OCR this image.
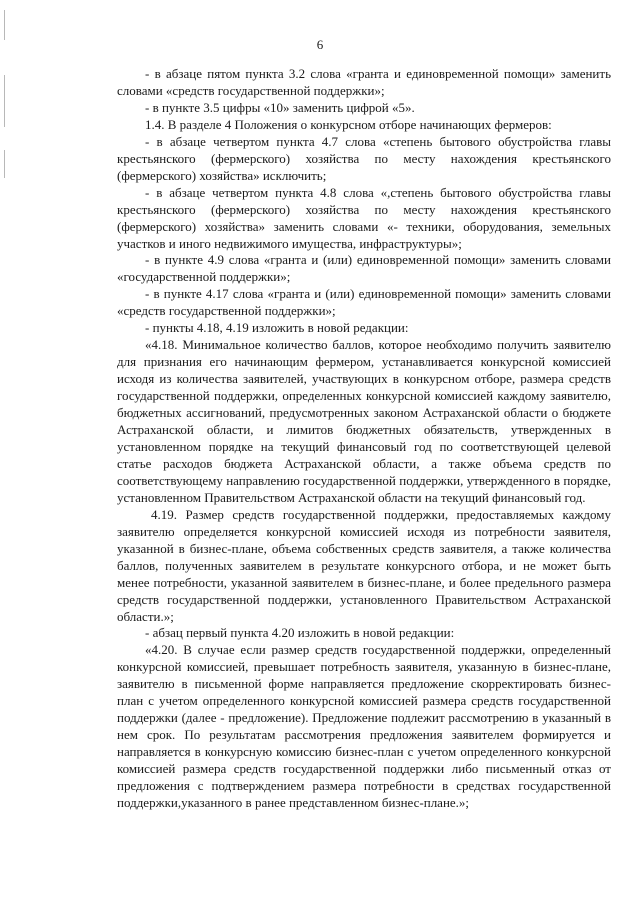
6

- в абзаце пятом пункта 3.2 слова «гранта и единовременной помощи» заменить словами «средств государственной поддержки»;

- в пункте 3.5 цифры «10» заменить цифрой «5».

1.4. В разделе 4 Положения о конкурсном отборе начинающих фермеров:

- в абзаце четвертом пункта 4.7 слова «степень бытового обустройства главы крестьянского (фермерского) хозяйства по месту нахождения крестьянского (фермерского) хозяйства» исключить;

- в абзаце четвертом пункта 4.8 слова «,степень бытового обустройства главы крестьянского (фермерского) хозяйства по месту нахождения крестьянского (фермерского) хозяйства» заменить словами «- техники, оборудования, земельных участков и иного недвижимого имущества, инфраструктуры»;

- в пункте 4.9 слова «гранта и (или) единовременной помощи» заменить словами «государственной поддержки»;

- в пункте 4.17 слова «гранта и (или) единовременной помощи» заменить словами «средств государственной поддержки»;

- пункты 4.18, 4.19 изложить в новой редакции:

«4.18. Минимальное количество баллов, которое необходимо получить заявителю для признания его начинающим фермером, устанавливается конкурсной комиссией исходя из количества заявителей, участвующих в конкурсном отборе, размера средств государственной поддержки, определенных конкурсной комиссией каждому заявителю, бюджетных ассигнований, предусмотренных законом Астраханской области о бюджете Астраханской области, и лимитов бюджетных обязательств, утвержденных в установленном порядке на текущий финансовый год по соответствующей целевой статье расходов бюджета Астраханской области, а также объема средств по соответствующему направлению государственной поддержки, утвержденного в порядке, установленном Правительством Астраханской области на текущий финансовый год.

4.19. Размер средств государственной поддержки, предоставляемых каждому заявителю определяется конкурсной комиссией исходя из потребности заявителя, указанной в бизнес-плане, объема собственных средств заявителя, а также количества баллов, полученных заявителем в результате конкурсного отбора, и не может быть менее потребности, указанной заявителем в бизнес-плане, и более предельного размера средств государственной поддержки, установленного Правительством Астраханской области.»;

- абзац первый пункта 4.20 изложить в новой редакции:

«4.20. В случае если размер средств государственной поддержки, определенный конкурсной комиссией, превышает потребность заявителя, указанную в бизнес-плане, заявителю в письменной форме направляется предложение скорректировать бизнес-план с учетом определенного конкурсной комиссией размера средств государственной поддержки (далее - предложение). Предложение подлежит рассмотрению в указанный в нем срок. По результатам рассмотрения предложения заявителем формируется и направляется в конкурсную комиссию бизнес-план с учетом определенного конкурсной комиссией размера средств государственной поддержки либо письменный отказ от предложения с подтверждением размера потребности в средствах государственной поддержки,указанного в ранее представленном бизнес-плане.»;
